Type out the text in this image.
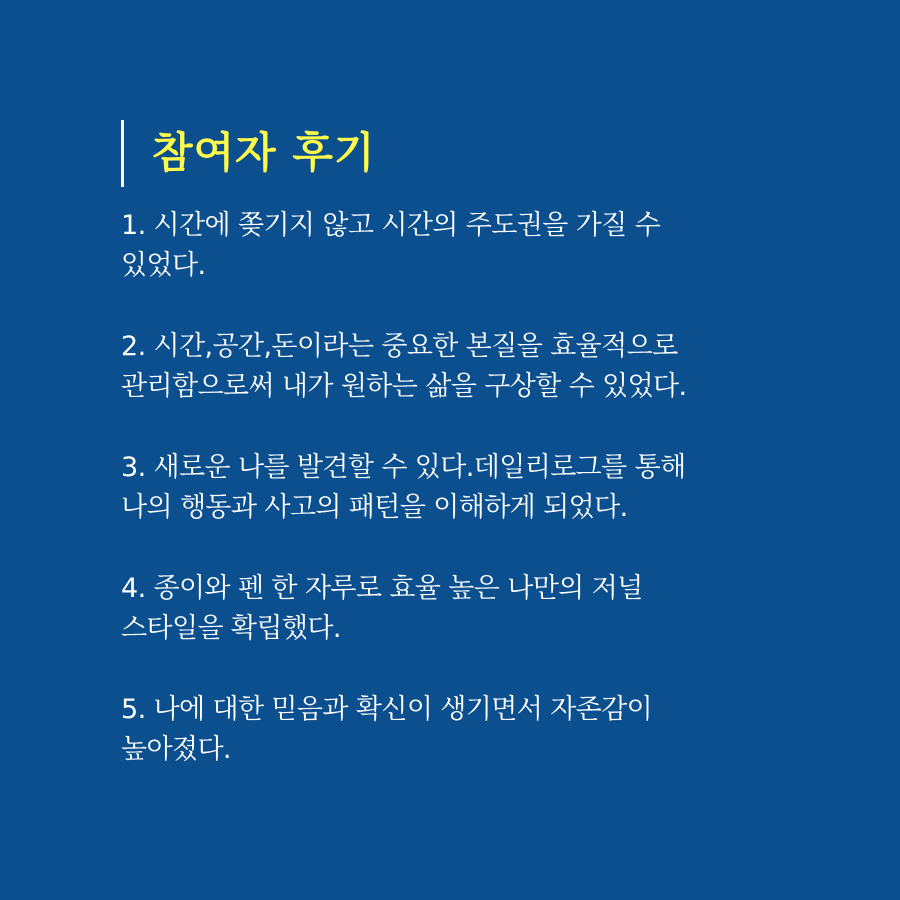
참여자 후기
1. 시간에 쫒기지 않고 시간의 주도권을 가질 수
있었다.
2. 시간,공간,돈이라는 중요한 본질을 효율적으로
관리함으로써 내가 원하는 삶을 구상할 수 있었다.
3. 새로운 나를 발견할 수 있다.데일리로그를 통해
나의 행동과 사고의 패턴을 이해하게 되었다.
4. 종이와 펜 한 자루로 효율 높은 나만의 저널
스타일을 확립했다.
5. 나에 대한 믿음과 확신이 생기면서 자존감이
높아졌다.
